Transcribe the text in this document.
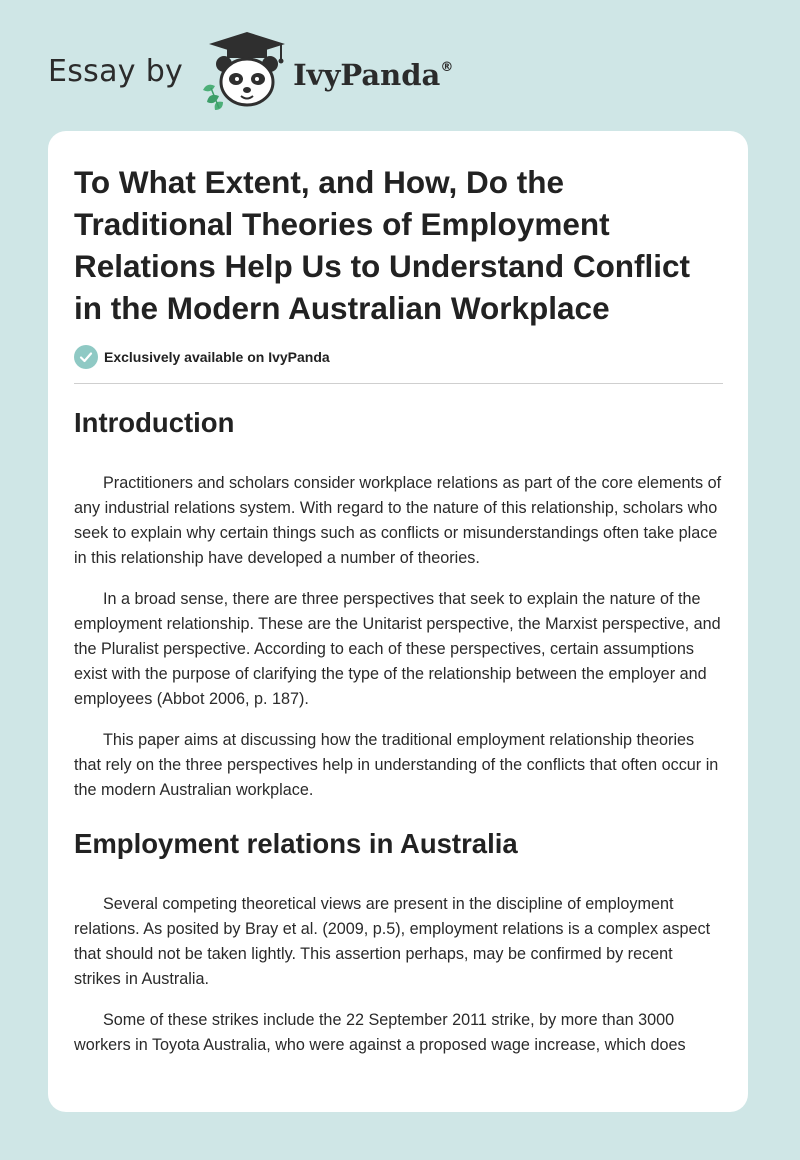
Essay by	IvyPanda®
To What Extent, and How, Do the Traditional Theories of Employment Relations Help Us to Understand Conflict in the Modern Australian Workplace
Exclusively available on IvyPanda
Introduction

Practitioners and scholars consider workplace relations as part of the core elements of any industrial relations system. With regard to the nature of this relationship, scholars who seek to explain why certain things such as conflicts or misunderstandings often take place in this relationship have developed a number of theories.

In a broad sense, there are three perspectives that seek to explain the nature of the employment relationship. These are the Unitarist perspective, the Marxist perspective, and the Pluralist perspective. According to each of these perspectives, certain assumptions exist with the purpose of clarifying the type of the relationship between the employer and employees (Abbot 2006, p. 187).

This paper aims at discussing how the traditional employment relationship theories that rely on the three perspectives help in understanding of the conflicts that often occur in the modern Australian workplace.

Employment relations in Australia

Several competing theoretical views are present in the discipline of employment relations. As posited by Bray et al. (2009, p.5), employment relations is a complex aspect that should not be taken lightly. This assertion perhaps, may be confirmed by recent strikes in Australia.

Some of these strikes include the 22 September 2011 strike, by more than 3000 workers in Toyota Australia, who were against a proposed wage increase, which does
